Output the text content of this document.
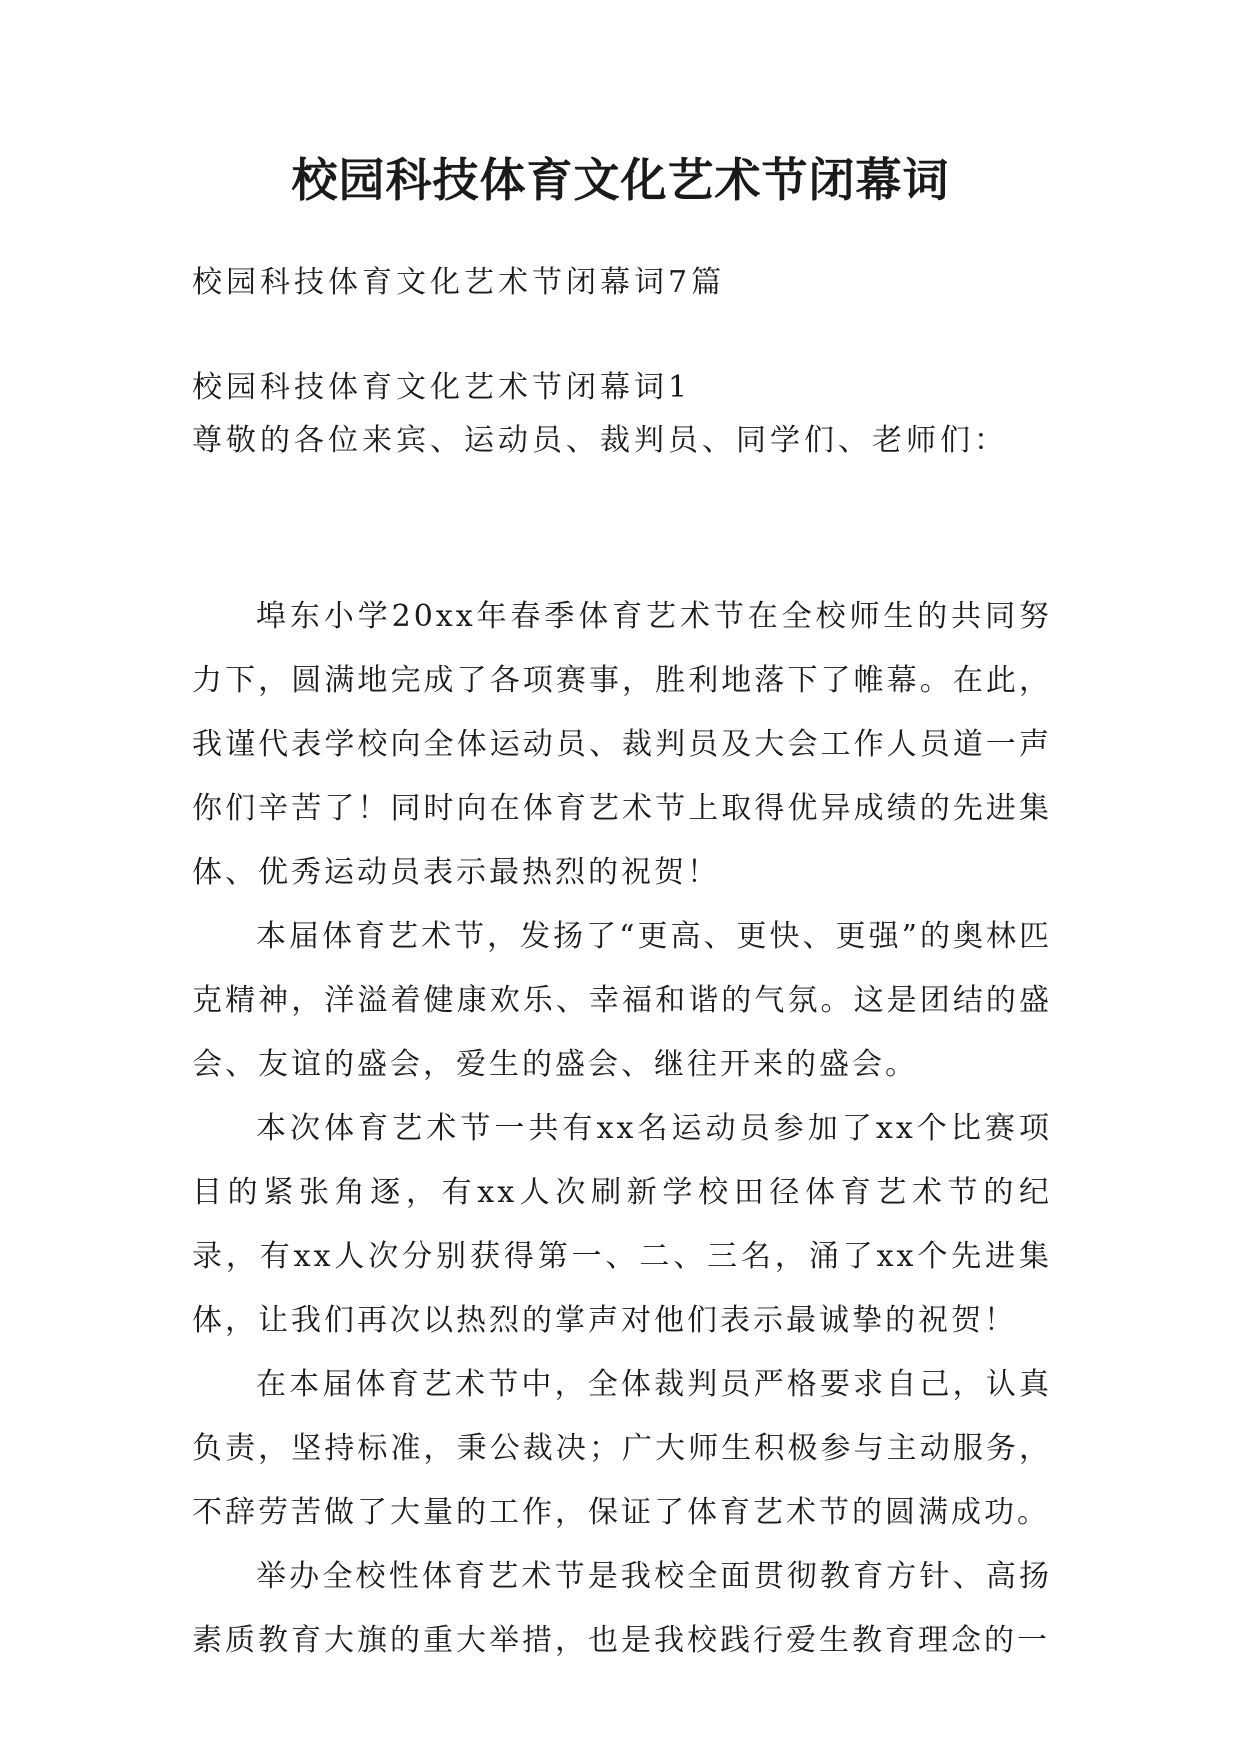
校园科技体育文化艺术节闭幕词

校园科技体育文化艺术节闭幕词7篇

校园科技体育文化艺术节闭幕词1

尊敬的各位来宾、运动员、裁判员、同学们、老师们：

埠东小学20xx年春季体育艺术节在全校师生的共同努力下，圆满地完成了各项赛事，胜利地落下了帷幕。在此，我谨代表学校向全体运动员、裁判员及大会工作人员道一声你们辛苦了！同时向在体育艺术节上取得优异成绩的先进集体、优秀运动员表示最热烈的祝贺！

本届体育艺术节，发扬了“更高、更快、更强”的奥林匹克精神，洋溢着健康欢乐、幸福和谐的气氛。这是团结的盛会、友谊的盛会，爱生的盛会、继往开来的盛会。

本次体育艺术节一共有xx名运动员参加了xx个比赛项目的紧张角逐，有xx人次刷新学校田径体育艺术节的纪录，有xx人次分别获得第一、二、三名，涌了xx个先进集体，让我们再次以热烈的掌声对他们表示最诚挚的祝贺！

在本届体育艺术节中，全体裁判员严格要求自己，认真负责，坚持标准，秉公裁决；广大师生积极参与主动服务，不辞劳苦做了大量的工作，保证了体育艺术节的圆满成功。

举办全校性体育艺术节是我校全面贯彻教育方针、高扬素质教育大旗的重大举措，也是我校践行爱生教育理念的一
